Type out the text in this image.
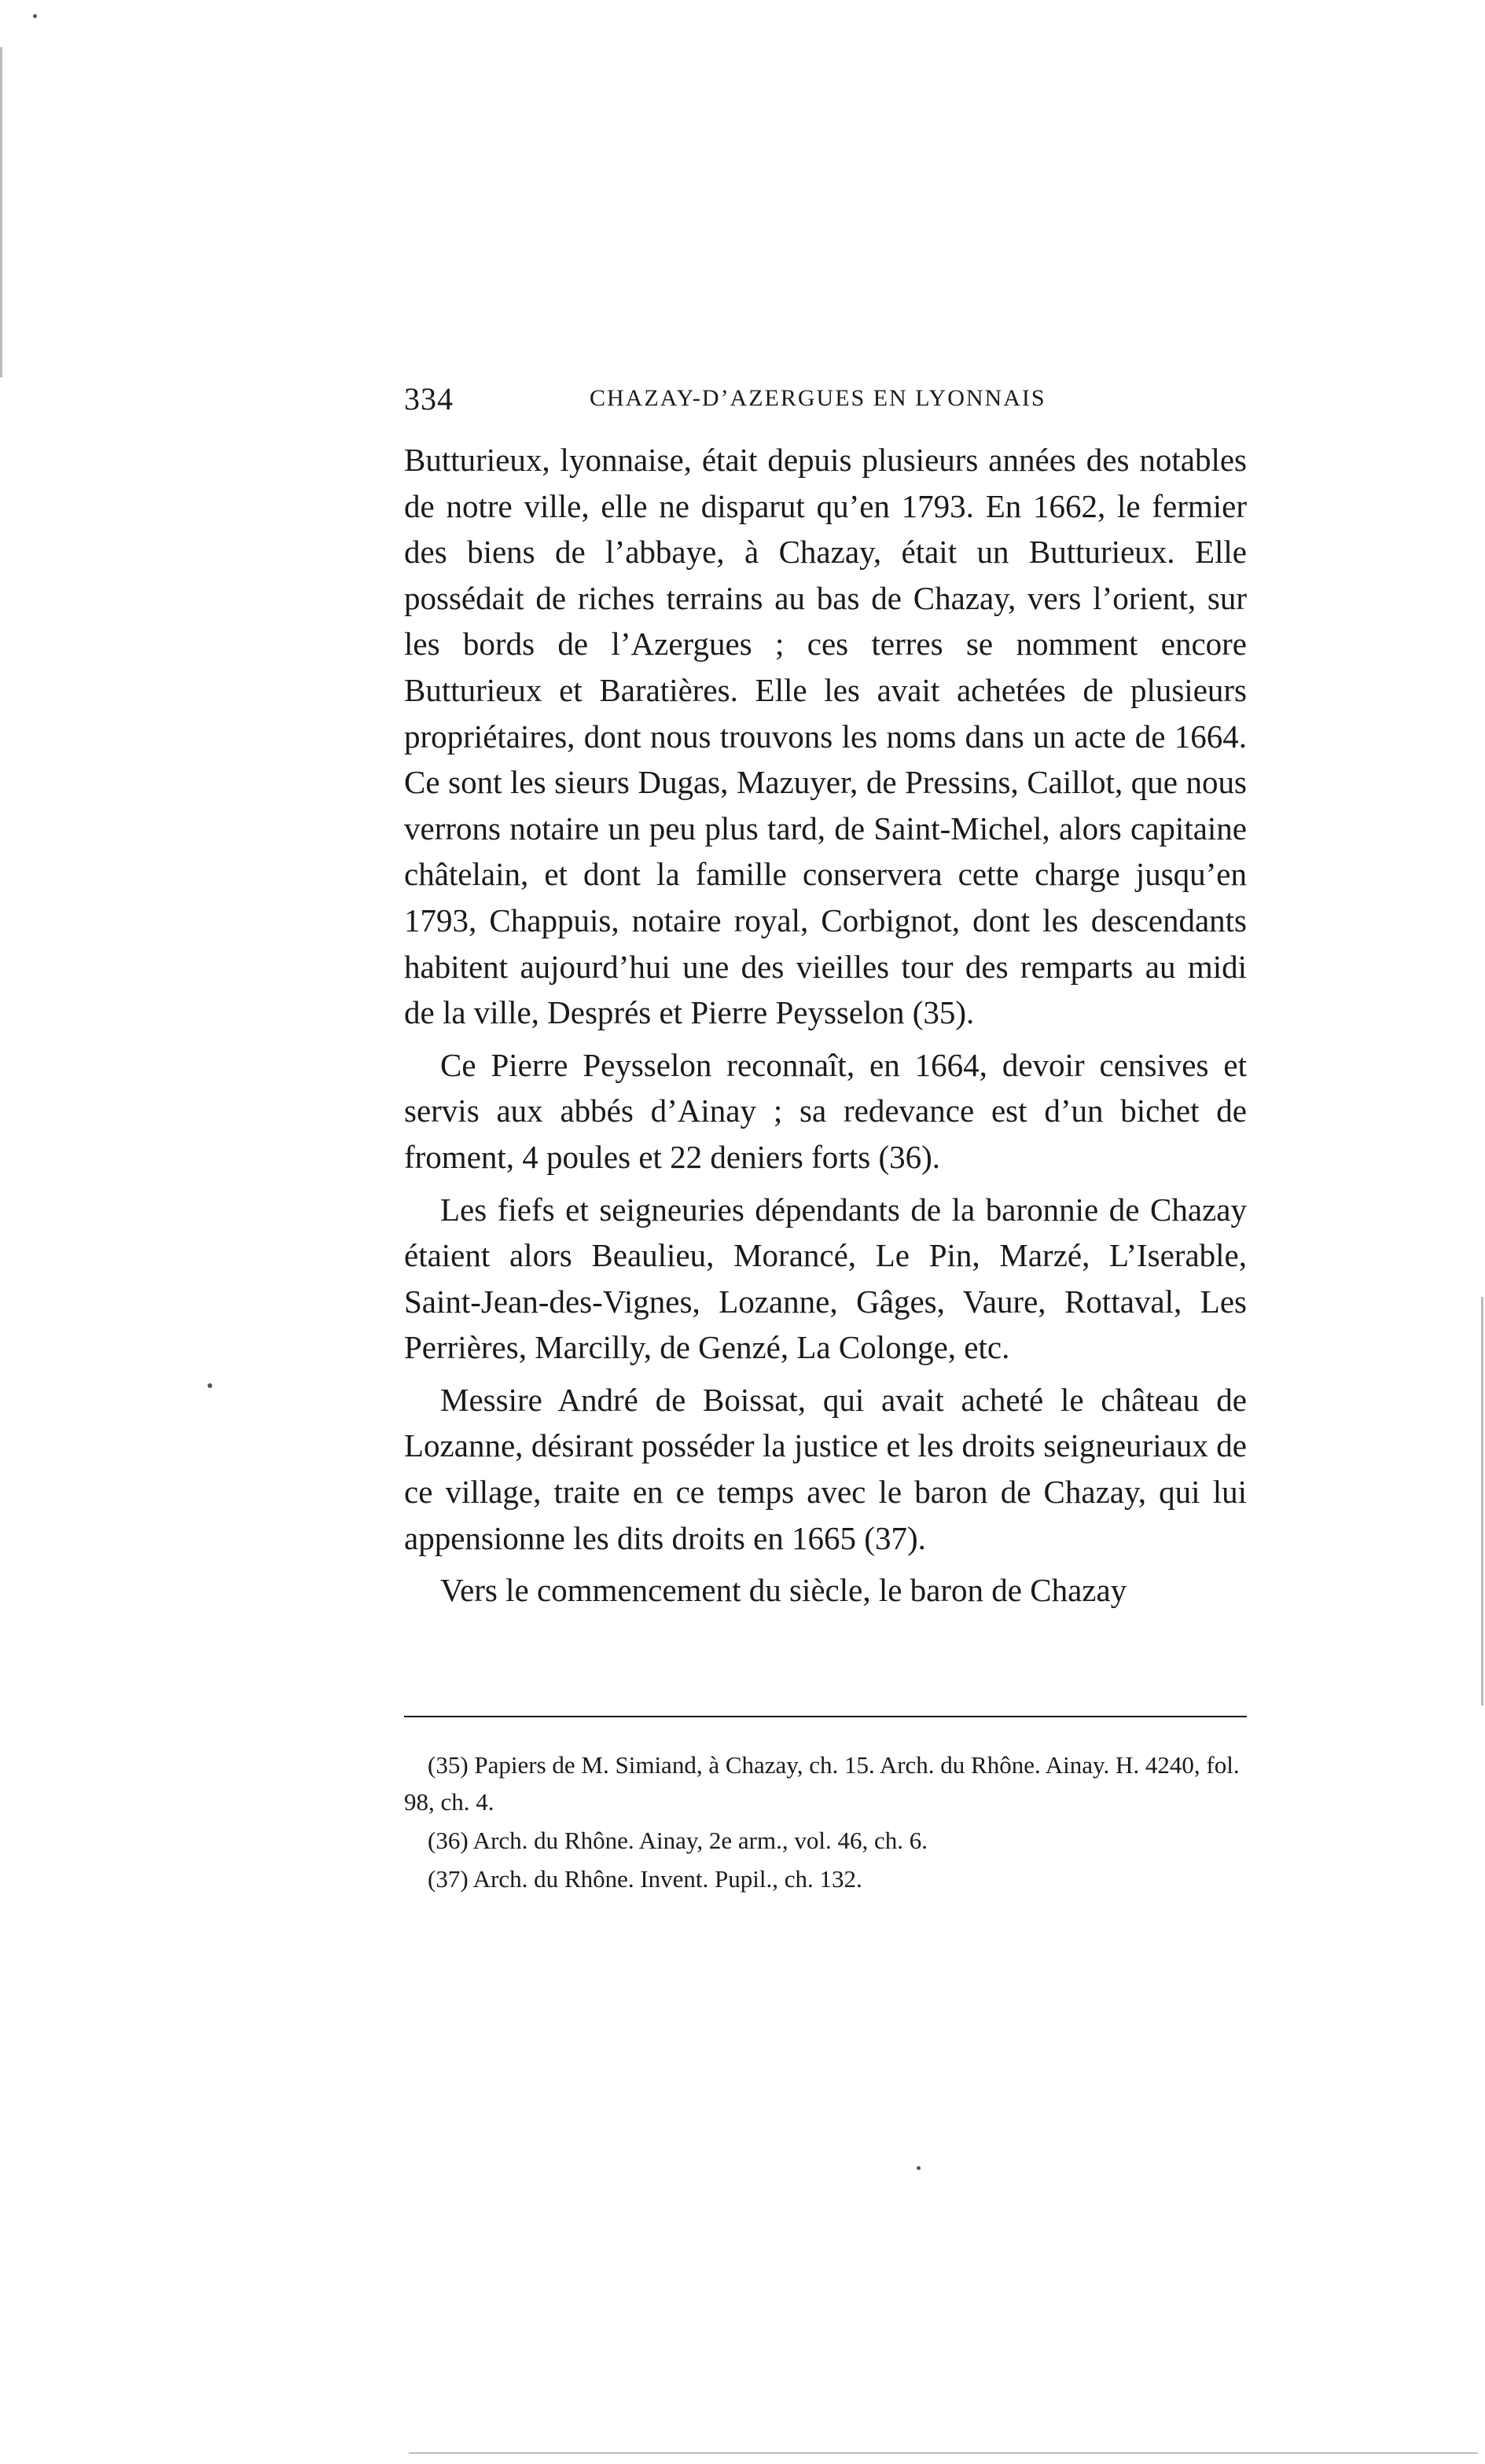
334	CHAZAY-D’AZERGUES EN LYONNAIS

Butturieux, lyonnaise, était depuis plusieurs années des notables de notre ville, elle ne disparut qu’en 1793. En 1662, le fermier des biens de l’abbaye, à Chazay, était un Butturieux. Elle possédait de riches terrains au bas de Chazay, vers l’orient, sur les bords de l’Azergues ; ces terres se nomment encore Butturieux et Baratières. Elle les avait achetées de plusieurs propriétaires, dont nous trouvons les noms dans un acte de 1664. Ce sont les sieurs Dugas, Mazuyer, de Pressins, Caillot, que nous verrons notaire un peu plus tard, de Saint-Michel, alors capitaine châtelain, et dont la famille conservera cette charge jusqu’en 1793, Chappuis, notaire royal, Corbignot, dont les descendants habitent aujourd’hui une des vieilles tour des remparts au midi de la ville, Després et Pierre Peysselon (35).

Ce Pierre Peysselon reconnaît, en 1664, devoir censives et servis aux abbés d’Ainay ; sa redevance est d’un bichet de froment, 4 poules et 22 deniers forts (36).

Les fiefs et seigneuries dépendants de la baronnie de Chazay étaient alors Beaulieu, Morancé, Le Pin, Marzé, L’Iserable, Saint-Jean-des-Vignes, Lozanne, Gâges, Vaure, Rottaval, Les Perrières, Marcilly, de Genzé, La Colonge, etc.

Messire André de Boissat, qui avait acheté le château de Lozanne, désirant posséder la justice et les droits seigneuriaux de ce village, traite en ce temps avec le baron de Chazay, qui lui appensionne les dits droits en 1665 (37).

Vers le commencement du siècle, le baron de Chazay

(35) Papiers de M. Simiand, à Chazay, ch. 15. Arch. du Rhône. Ainay. H. 4240, fol. 98, ch. 4.

(36) Arch. du Rhône. Ainay, 2e arm., vol. 46, ch. 6.

(37) Arch. du Rhône. Invent. Pupil., ch. 132.
